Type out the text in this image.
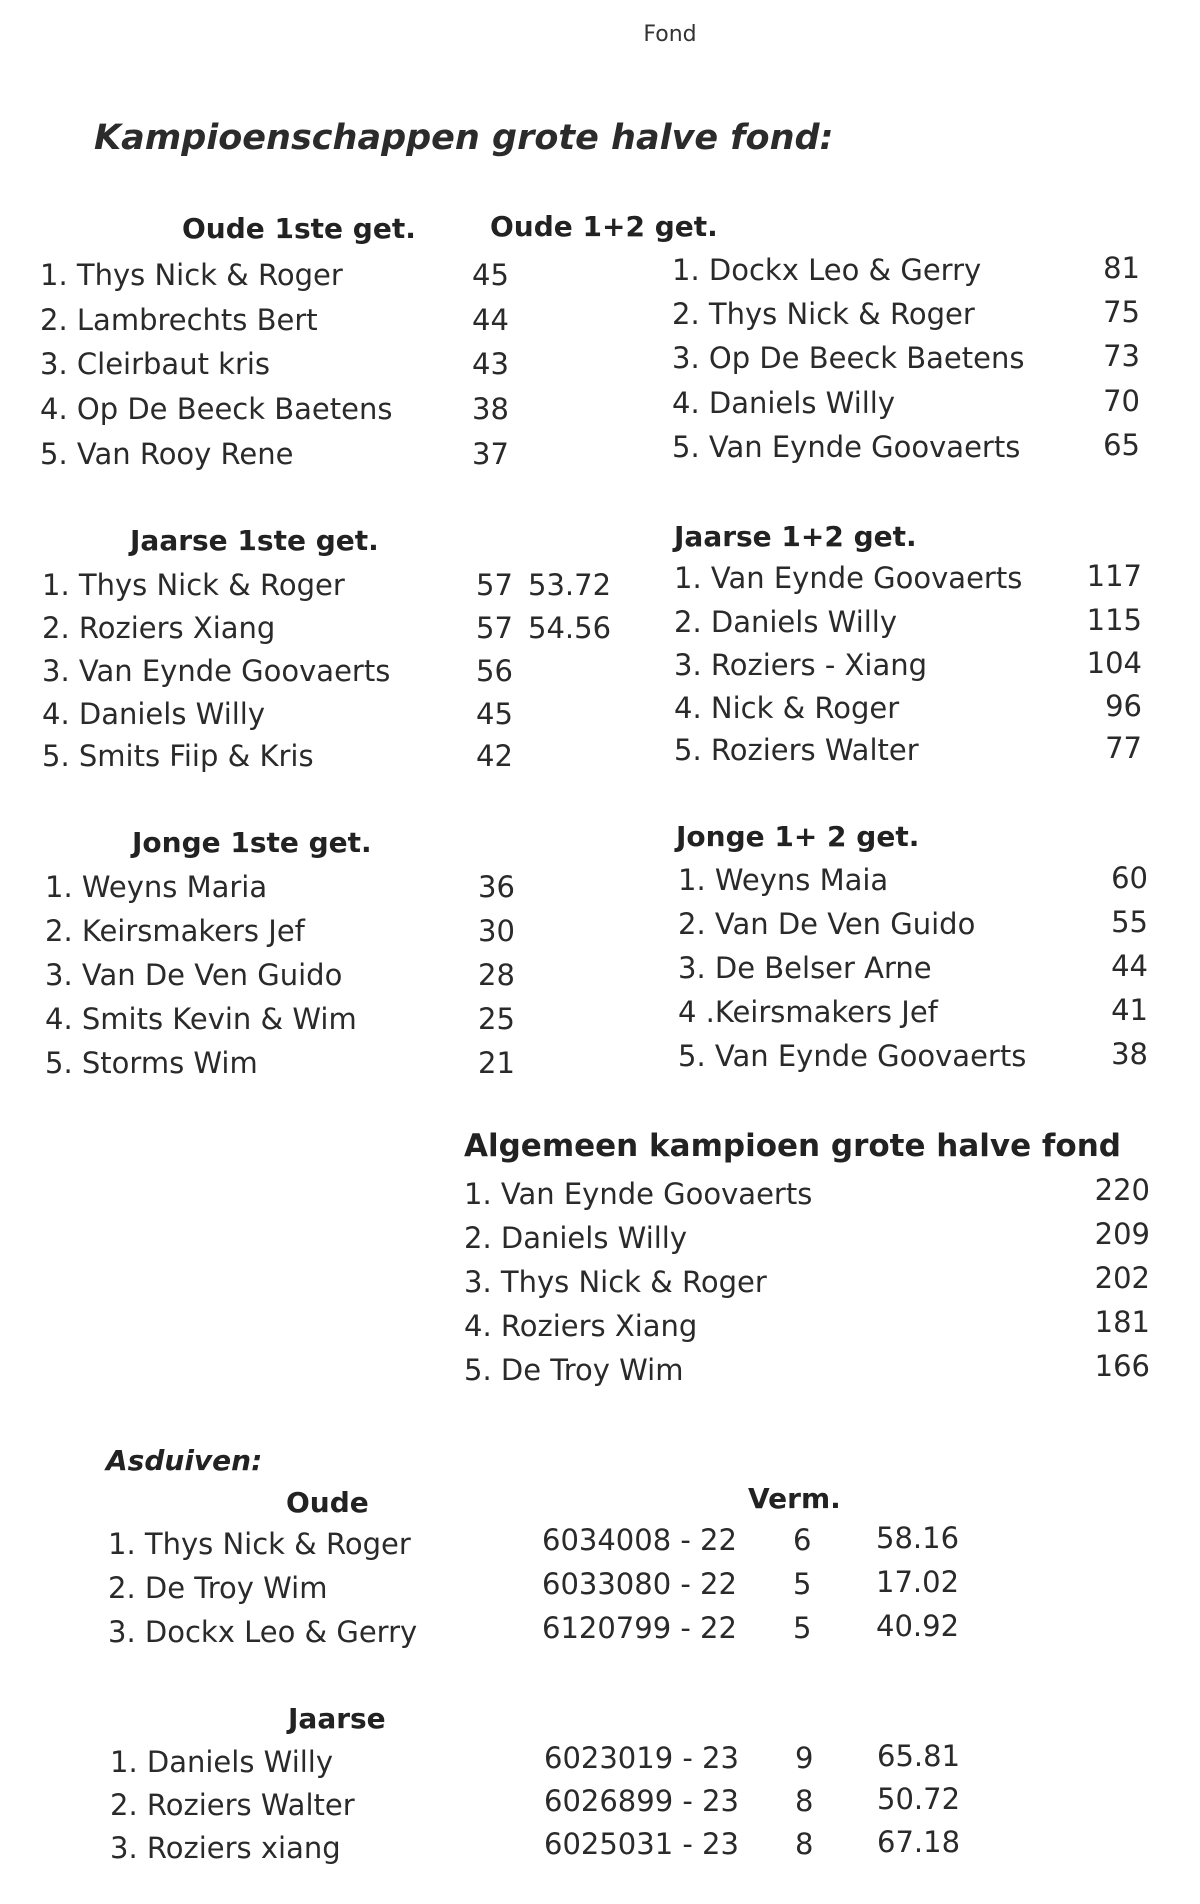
Fond
Kampioenschappen grote halve fond:
Oude 1ste get.
1. Thys Nick & Roger	45
2. Lambrechts Bert	44
3. Cleirbaut kris	43
4. Op De Beeck Baetens	38
5. Van Rooy Rene	37
Oude 1+2 get.
1. Dockx Leo & Gerry	81
2. Thys Nick & Roger	75
3. Op De Beeck Baetens	73
4. Daniels Willy	70
5. Van Eynde Goovaerts	65
Jaarse 1ste get.
1. Thys Nick & Roger	57 53.72
2. Roziers Xiang	57 54.56
3. Van Eynde Goovaerts	56
4. Daniels Willy	45
5. Smits Fiip & Kris	42
Jaarse 1+2 get.
1. Van Eynde Goovaerts	117
2. Daniels Willy	115
3. Roziers - Xiang	104
4. Nick & Roger	96
5. Roziers Walter	77
Jonge 1ste get.
1. Weyns Maria	36
2. Keirsmakers Jef	30
3. Van De Ven Guido	28
4. Smits Kevin & Wim	25
5. Storms Wim	21
Jonge 1+ 2 get.
1. Weyns Maia	60
2. Van De Ven Guido	55
3. De Belser Arne	44
4 .Keirsmakers Jef	41
5. Van Eynde Goovaerts	38
Algemeen kampioen grote halve fond
1. Van Eynde Goovaerts	220
2. Daniels Willy	209
3. Thys Nick & Roger	202
4. Roziers Xiang	181
5. De Troy Wim	166
Asduiven:
Oude	Verm.
1. Thys Nick & Roger	6034008 - 22 6 58.16
2. De Troy Wim	6033080 - 22 5 17.02
3. Dockx Leo & Gerry	6120799 - 22 5 40.92
Jaarse
1. Daniels Willy	6023019 - 23 9 65.81
2. Roziers Walter	6026899 - 23 8 50.72
3. Roziers xiang	6025031 - 23 8 67.18
